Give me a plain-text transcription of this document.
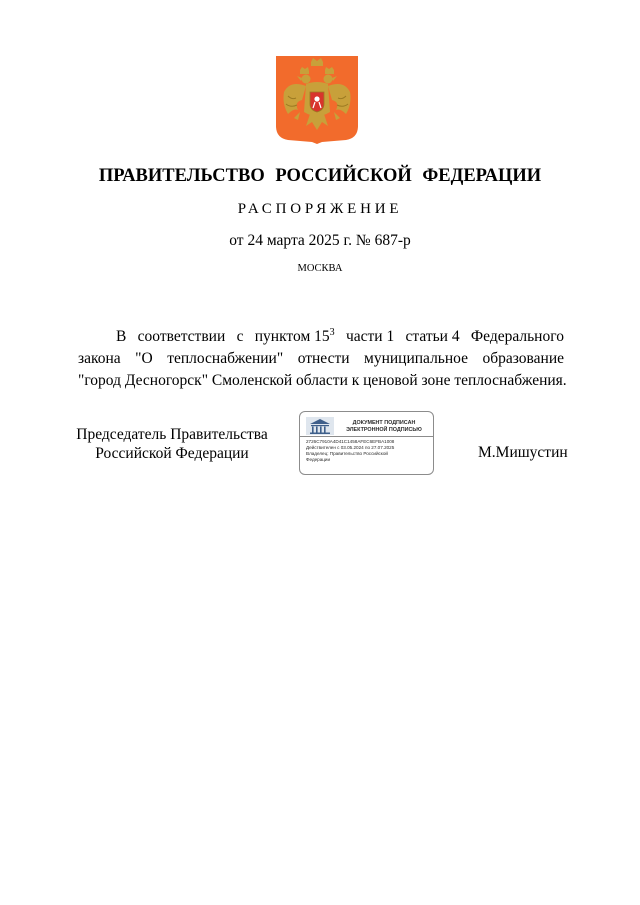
ПРАВИТЕЛЬСТВО РОССИЙСКОЙ ФЕДЕРАЦИИ
РАСПОРЯЖЕНИЕ
от 24 марта 2025 г. № 687-р
МОСКВА
В соответствии с пунктом $15^3$ части 1 статьи 4 Федерального
закона "О теплоснабжении" отнести муниципальное образование
"город Десногорск" Смоленской области к ценовой зоне теплоснабжения.
Председатель Правительства
Российской Федерации
ДОКУМЕНТ ПОДПИСАН
ЭЛЕКТРОННОЙ ПОДПИСЬЮ
2726C7910A4D41C1458AFEC6EFBA1008
Действителен с 03.05.2024 по 27.07.2025
Владелец: Правительство Российской
Федерации	М.Мишустин
